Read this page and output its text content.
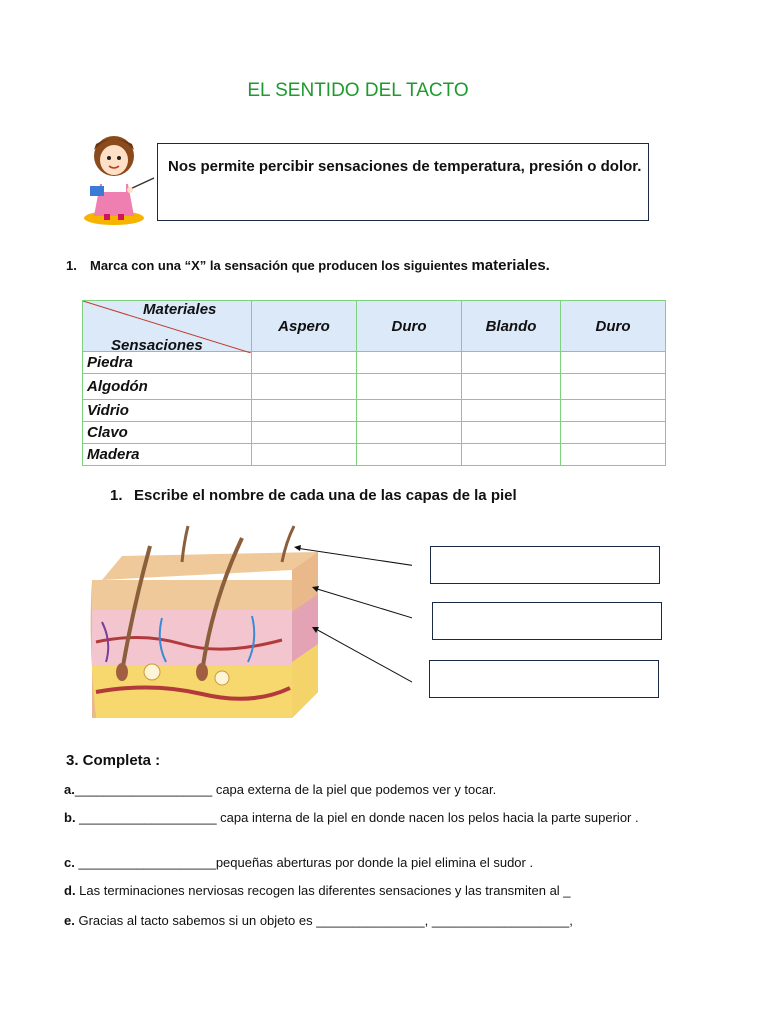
EL SENTIDO DEL TACTO
Nos permite percibir sensaciones de temperatura, presión o dolor.
1. Marca con una “X” la sensación que producen los siguientes materiales.
Materiales
Sensaciones	Aspero	Duro	Blando	Duro
Piedra				
Algodón				
Vidrio				
Clavo				
Madera				
1. Escribe el nombre de cada una de las capas de la piel
3. Completa :
a.___________________ capa externa de la piel que podemos ver y tocar.
b. ___________________ capa interna de la piel en donde nacen los pelos hacia la parte superior .
c. ___________________pequeñas aberturas por donde la piel elimina el sudor .
d. Las terminaciones nerviosas recogen las diferentes sensaciones y las transmiten al _
e. Gracias al tacto sabemos si un objeto es _______________, ___________________,
